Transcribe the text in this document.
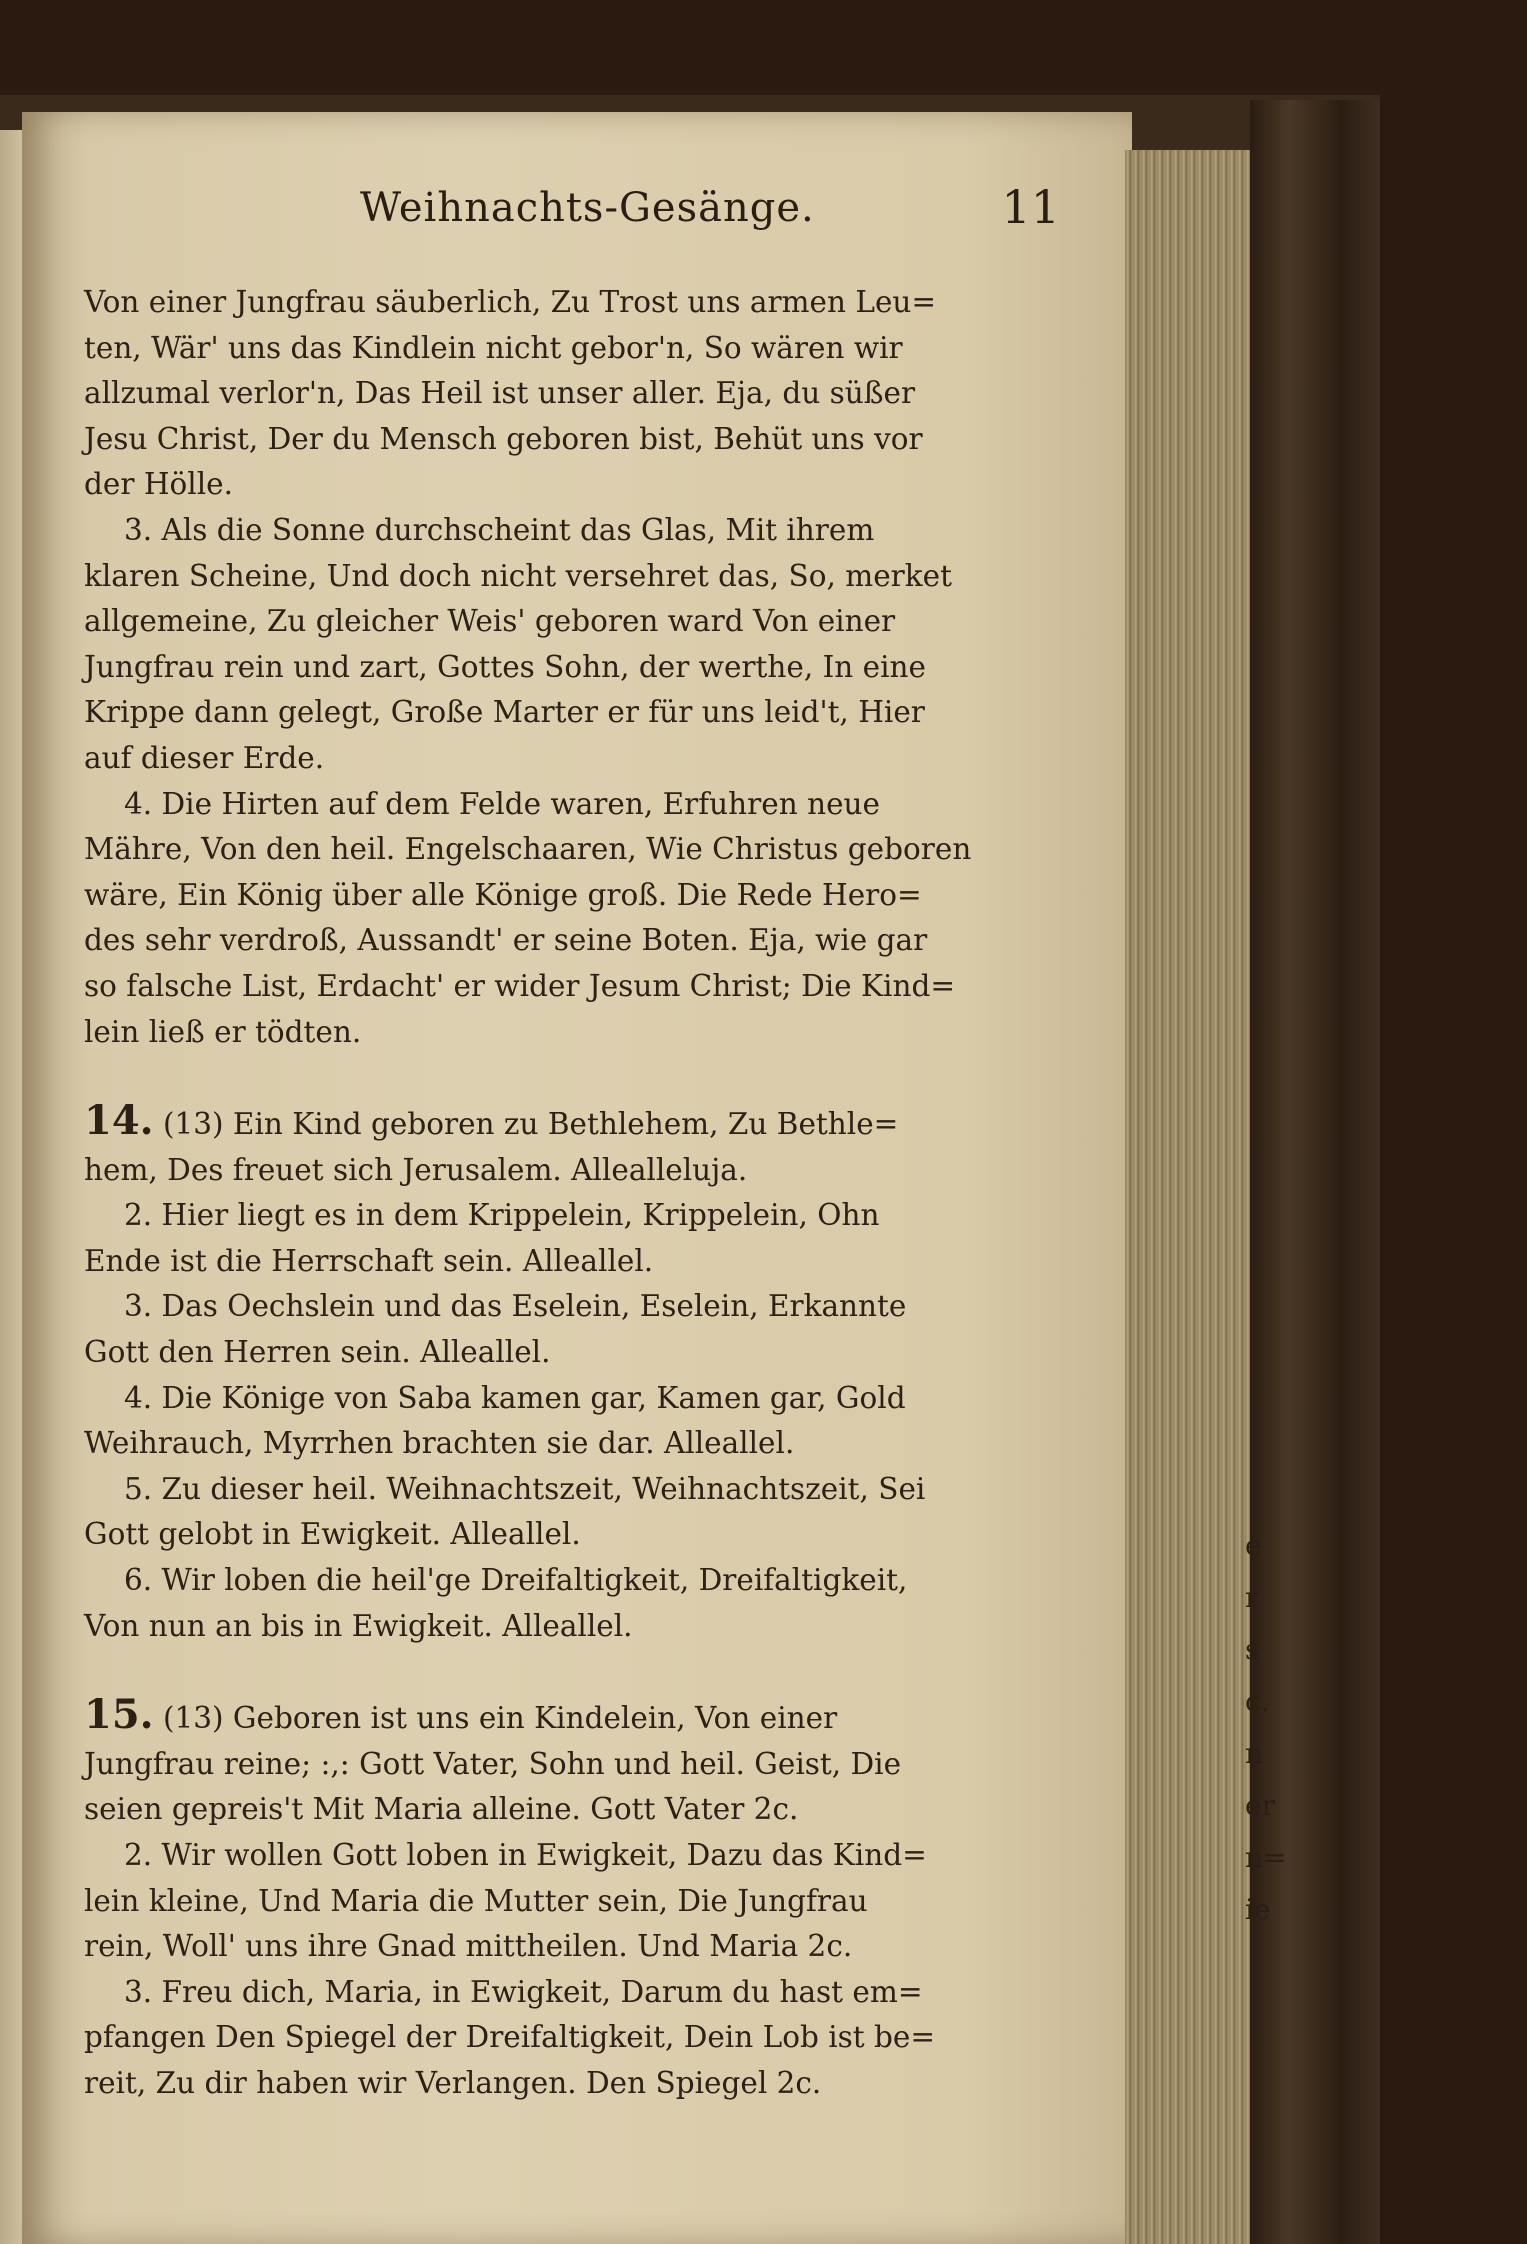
e
r
s
c.
n
er
n=
ie
Weihnachts-Gesänge.	11
Von einer Jungfrau säuberlich, Zu Trost uns armen Leu=
ten, Wär' uns das Kindlein nicht gebor'n, So wären wir
allzumal verlor'n, Das Heil ist unser aller. Eja, du süßer
Jesu Christ, Der du Mensch geboren bist, Behüt uns vor
der Hölle.
3. Als die Sonne durchscheint das Glas, Mit ihrem
klaren Scheine, Und doch nicht versehret das, So, merket
allgemeine, Zu gleicher Weis' geboren ward Von einer
Jungfrau rein und zart, Gottes Sohn, der werthe, In eine
Krippe dann gelegt, Große Marter er für uns leid't, Hier
auf dieser Erde.
4. Die Hirten auf dem Felde waren, Erfuhren neue
Mähre, Von den heil. Engelschaaren, Wie Christus geboren
wäre, Ein König über alle Könige groß. Die Rede Hero=
des sehr verdroß, Aussandt' er seine Boten. Eja, wie gar
so falsche List, Erdacht' er wider Jesum Christ; Die Kind=
lein ließ er tödten.
14. (13) Ein Kind geboren zu Bethlehem, Zu Bethle=
hem, Des freuet sich Jerusalem. Allealleluja.
2. Hier liegt es in dem Krippelein, Krippelein, Ohn
Ende ist die Herrschaft sein. Alleallel.
3. Das Oechslein und das Eselein, Eselein, Erkannte
Gott den Herren sein. Alleallel.
4. Die Könige von Saba kamen gar, Kamen gar, Gold
Weihrauch, Myrrhen brachten sie dar. Alleallel.
5. Zu dieser heil. Weihnachtszeit, Weihnachtszeit, Sei
Gott gelobt in Ewigkeit. Alleallel.
6. Wir loben die heil'ge Dreifaltigkeit, Dreifaltigkeit,
Von nun an bis in Ewigkeit. Alleallel.
15. (13) Geboren ist uns ein Kindelein, Von einer
Jungfrau reine; :,: Gott Vater, Sohn und heil. Geist, Die
seien gepreis't Mit Maria alleine. Gott Vater 2c.
2. Wir wollen Gott loben in Ewigkeit, Dazu das Kind=
lein kleine, Und Maria die Mutter sein, Die Jungfrau
rein, Woll' uns ihre Gnad mittheilen. Und Maria 2c.
3. Freu dich, Maria, in Ewigkeit, Darum du hast em=
pfangen Den Spiegel der Dreifaltigkeit, Dein Lob ist be=
reit, Zu dir haben wir Verlangen. Den Spiegel 2c.
